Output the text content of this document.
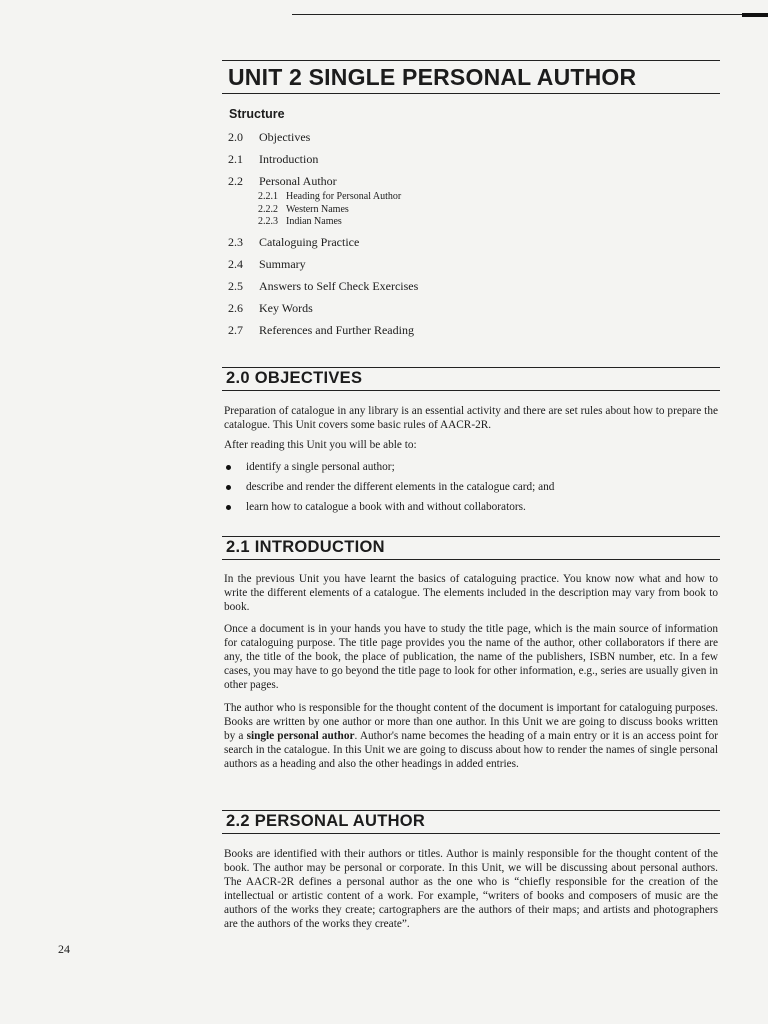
UNIT 2 SINGLE PERSONAL AUTHOR
Structure
2.0 Objectives
2.1 Introduction
2.2 Personal Author
2.2.1 Heading for Personal Author
2.2.2 Western Names
2.2.3 Indian Names
2.3 Cataloguing Practice
2.4 Summary
2.5 Answers to Self Check Exercises
2.6 Key Words
2.7 References and Further Reading
2.0 OBJECTIVES

Preparation of catalogue in any library is an essential activity and there are set rules about how to prepare the catalogue. This Unit covers some basic rules of AACR-2R.

After reading this Unit you will be able to:

identify a single personal author;
describe and render the different elements in the catalogue card; and
learn how to catalogue a book with and without collaborators.
2.1 INTRODUCTION

In the previous Unit you have learnt the basics of cataloguing practice. You know now what and how to write the different elements of a catalogue. The elements included in the description may vary from book to book.

Once a document is in your hands you have to study the title page, which is the main source of information for cataloguing purpose. The title page provides you the name of the author, other collaborators if there are any, the title of the book, the place of publication, the name of the publishers, ISBN number, etc. In a few cases, you may have to go beyond the title page to look for other information, e.g., series are usually given in other pages.

The author who is responsible for the thought content of the document is important for cataloguing purposes. Books are written by one author or more than one author. In this Unit we are going to discuss books written by a single personal author. Author's name becomes the heading of a main entry or it is an access point for search in the catalogue. In this Unit we are going to discuss about how to render the names of single personal authors as a heading and also the other headings in added entries.

2.2 PERSONAL AUTHOR

Books are identified with their authors or titles. Author is mainly responsible for the thought content of the book. The author may be personal or corporate. In this Unit, we will be discussing about personal authors. The AACR-2R defines a personal author as the one who is “chiefly responsible for the creation of the intellectual or artistic content of a work. For example, “writers of books and composers of music are the authors of the works they create; cartographers are the authors of their maps; and artists and photographers are the authors of the works they create”.

24
